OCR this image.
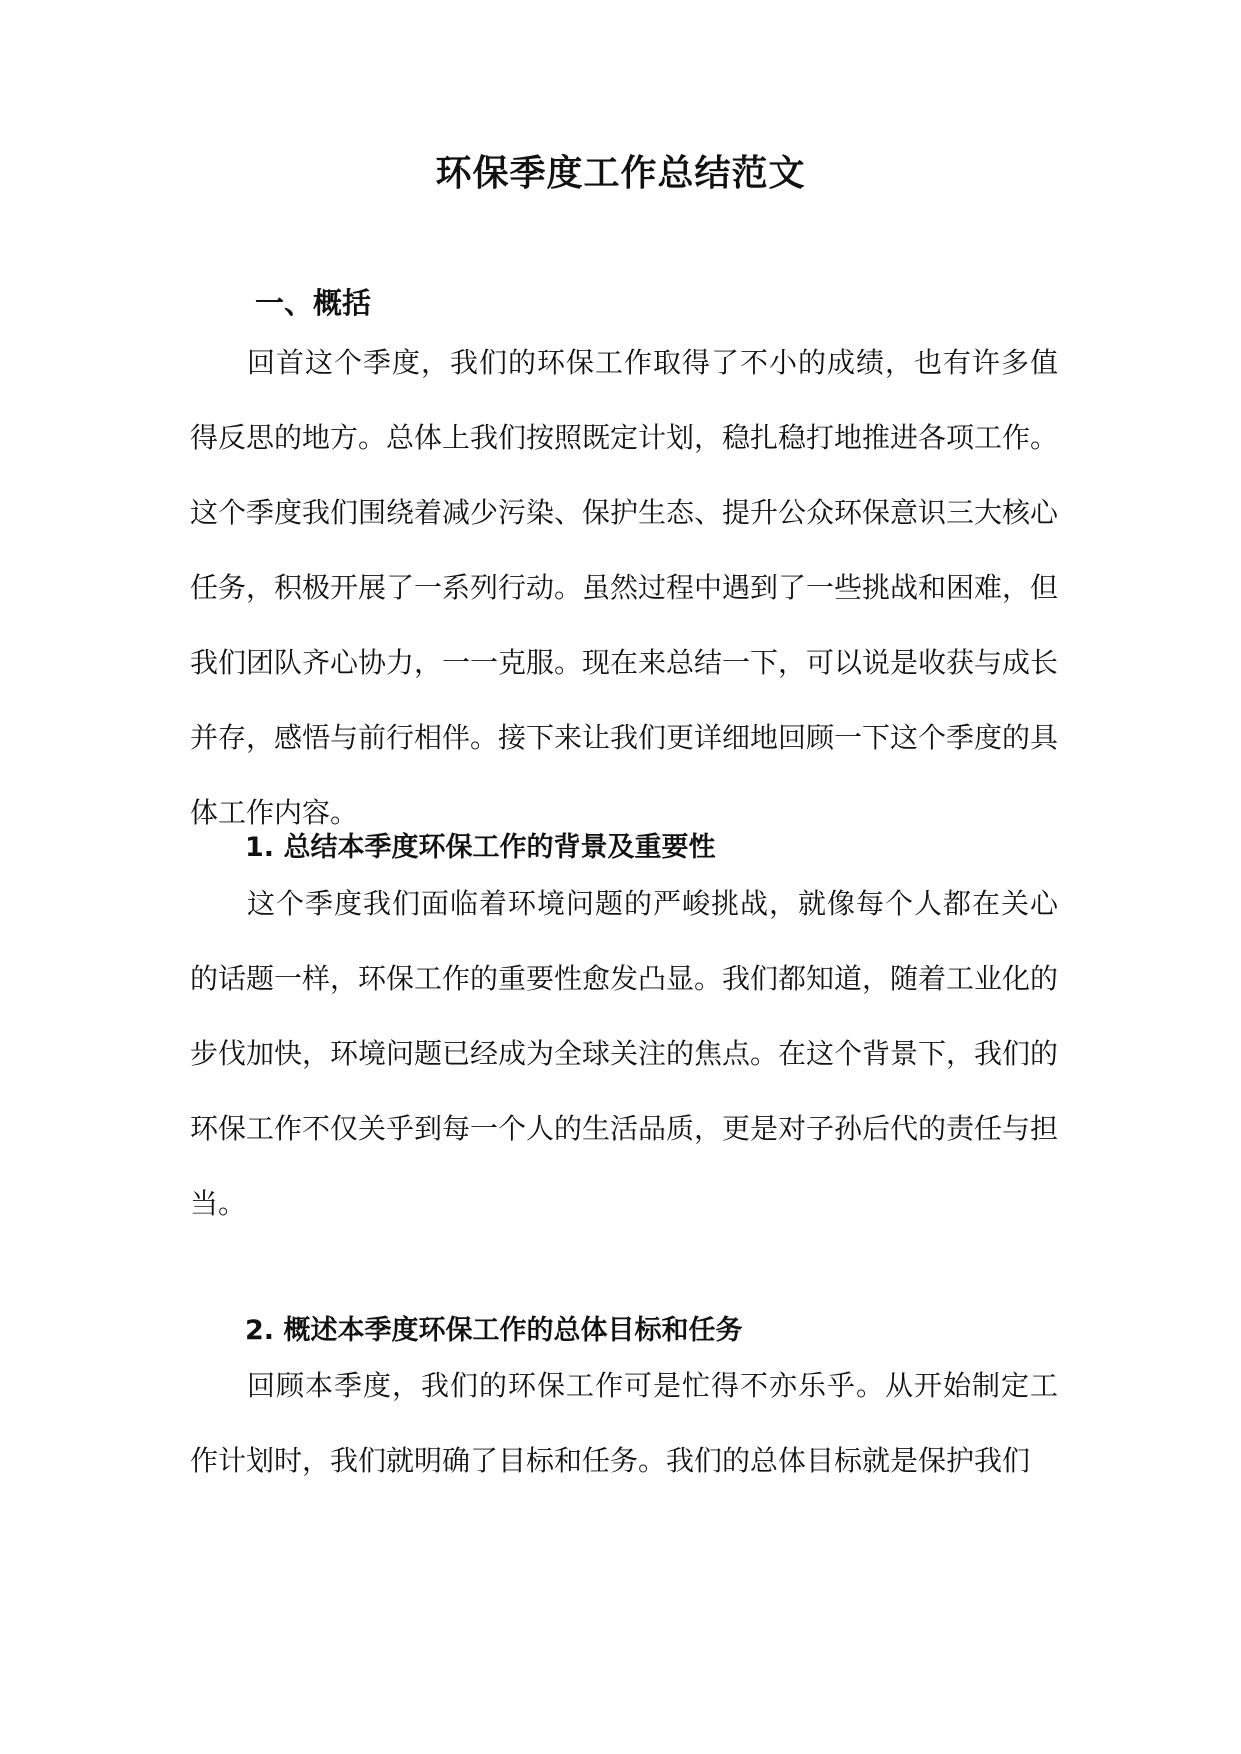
环保季度工作总结范文
一、概括

回首这个季度，我们的环保工作取得了不小的成绩，也有许多值得反思的地方。总体上我们按照既定计划，稳扎稳打地推进各项工作。这个季度我们围绕着减少污染、保护生态、提升公众环保意识三大核心任务，积极开展了一系列行动。虽然过程中遇到了一些挑战和困难，但我们团队齐心协力，一一克服。现在来总结一下，可以说是收获与成长并存，感悟与前行相伴。接下来让我们更详细地回顾一下这个季度的具体工作内容。

1. 总结本季度环保工作的背景及重要性

这个季度我们面临着环境问题的严峻挑战，就像每个人都在关心的话题一样，环保工作的重要性愈发凸显。我们都知道，随着工业化的步伐加快，环境问题已经成为全球关注的焦点。在这个背景下，我们的环保工作不仅关乎到每一个人的生活品质，更是对子孙后代的责任与担当。

2. 概述本季度环保工作的总体目标和任务

回顾本季度，我们的环保工作可是忙得不亦乐乎。从开始制定工作计划时，我们就明确了目标和任务。我们的总体目标就是保护我们
